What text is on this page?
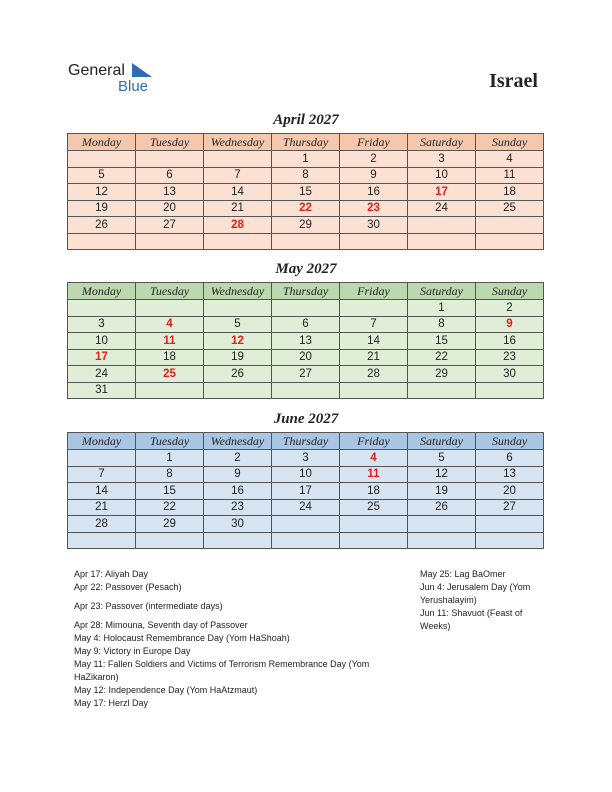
General
Blue	Israel
April 2027
Monday	Tuesday	Wednesday	Thursday	Friday	Saturday	Sunday
			1	2	3	4
5	6	7	8	9	10	11
12	13	14	15	16	17	18
19	20	21	22	23	24	25
26	27	28	29	30		

May 2027
Monday	Tuesday	Wednesday	Thursday	Friday	Saturday	Sunday
					1	2
3	4	5	6	7	8	9
10	11	12	13	14	15	16
17	18	19	20	21	22	23
24	25	26	27	28	29	30
31						
June 2027
Monday	Tuesday	Wednesday	Thursday	Friday	Saturday	Sunday
	1	2	3	4	5	6
7	8	9	10	11	12	13
14	15	16	17	18	19	20
21	22	23	24	25	26	27
28	29	30				

Apr 17: Aliyah Day
Apr 22: Passover (Pesach)
Apr 23: Passover (intermediate days)
Apr 28: Mimouna, Seventh day of Passover
May 4: Holocaust Remembrance Day (Yom HaShoah)
May 9: Victory in Europe Day
May 11: Fallen Soldiers and Victims of Terrorism Remembrance Day (Yom HaZikaron)
May 12: Independence Day (Yom HaAtzmaut)
May 17: Herzl Day
May 25: Lag BaOmer
Jun 4: Jerusalem Day (Yom Yerushalayim)
Jun 11: Shavuot (Feast of Weeks)
